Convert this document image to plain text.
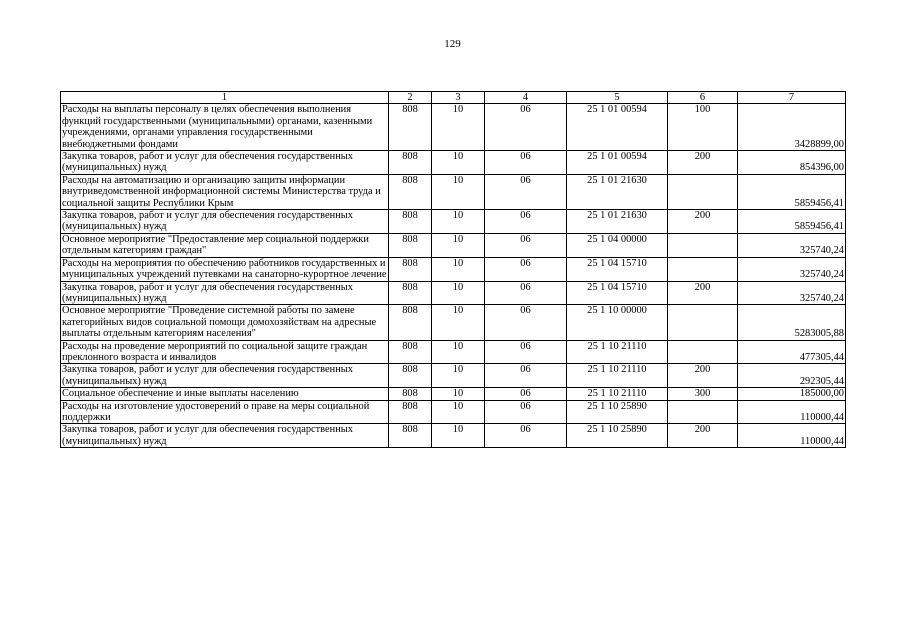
129
1	2	3	4	5	6	7
Расходы на выплаты персоналу в целях обеспечения выполнения функций государственными (муниципальными) органами, казенными учреждениями, органами управления государственными внебюджетными фондами	808	10	06	25 1 01 00594	100	3428899,00
Закупка товаров, работ и услуг для обеспечения государственных (муниципальных) нужд	808	10	06	25 1 01 00594	200	854396,00
Расходы на автоматизацию и организацию защиты информации внутриведомственной информационной системы Министерства труда и социальной защиты Республики Крым	808	10	06	25 1 01 21630		5859456,41
Закупка товаров, работ и услуг для обеспечения государственных (муниципальных) нужд	808	10	06	25 1 01 21630	200	5859456,41
Основное мероприятие "Предоставление мер социальной поддержки отдельным категориям граждан"	808	10	06	25 1 04 00000		325740,24
Расходы на мероприятия по обеспечению работников государственных и муниципальных учреждений путевками на санаторно-курортное лечение	808	10	06	25 1 04 15710		325740,24
Закупка товаров, работ и услуг для обеспечения государственных (муниципальных) нужд	808	10	06	25 1 04 15710	200	325740,24
Основное мероприятие "Проведение системной работы по замене категорийных видов социальной помощи домохозяйствам на адресные выплаты отдельным категориям населения"	808	10	06	25 1 10 00000		5283005,88
Расходы на проведение мероприятий по социальной защите граждан преклонного возраста и инвалидов	808	10	06	25 1 10 21110		477305,44
Закупка товаров, работ и услуг для обеспечения государственных (муниципальных) нужд	808	10	06	25 1 10 21110	200	292305,44
Социальное обеспечение и иные выплаты населению	808	10	06	25 1 10 21110	300	185000,00
Расходы на изготовление удостоверений о праве на меры социальной поддержки	808	10	06	25 1 10 25890		110000,44
Закупка товаров, работ и услуг для обеспечения государственных (муниципальных) нужд	808	10	06	25 1 10 25890	200	110000,44
